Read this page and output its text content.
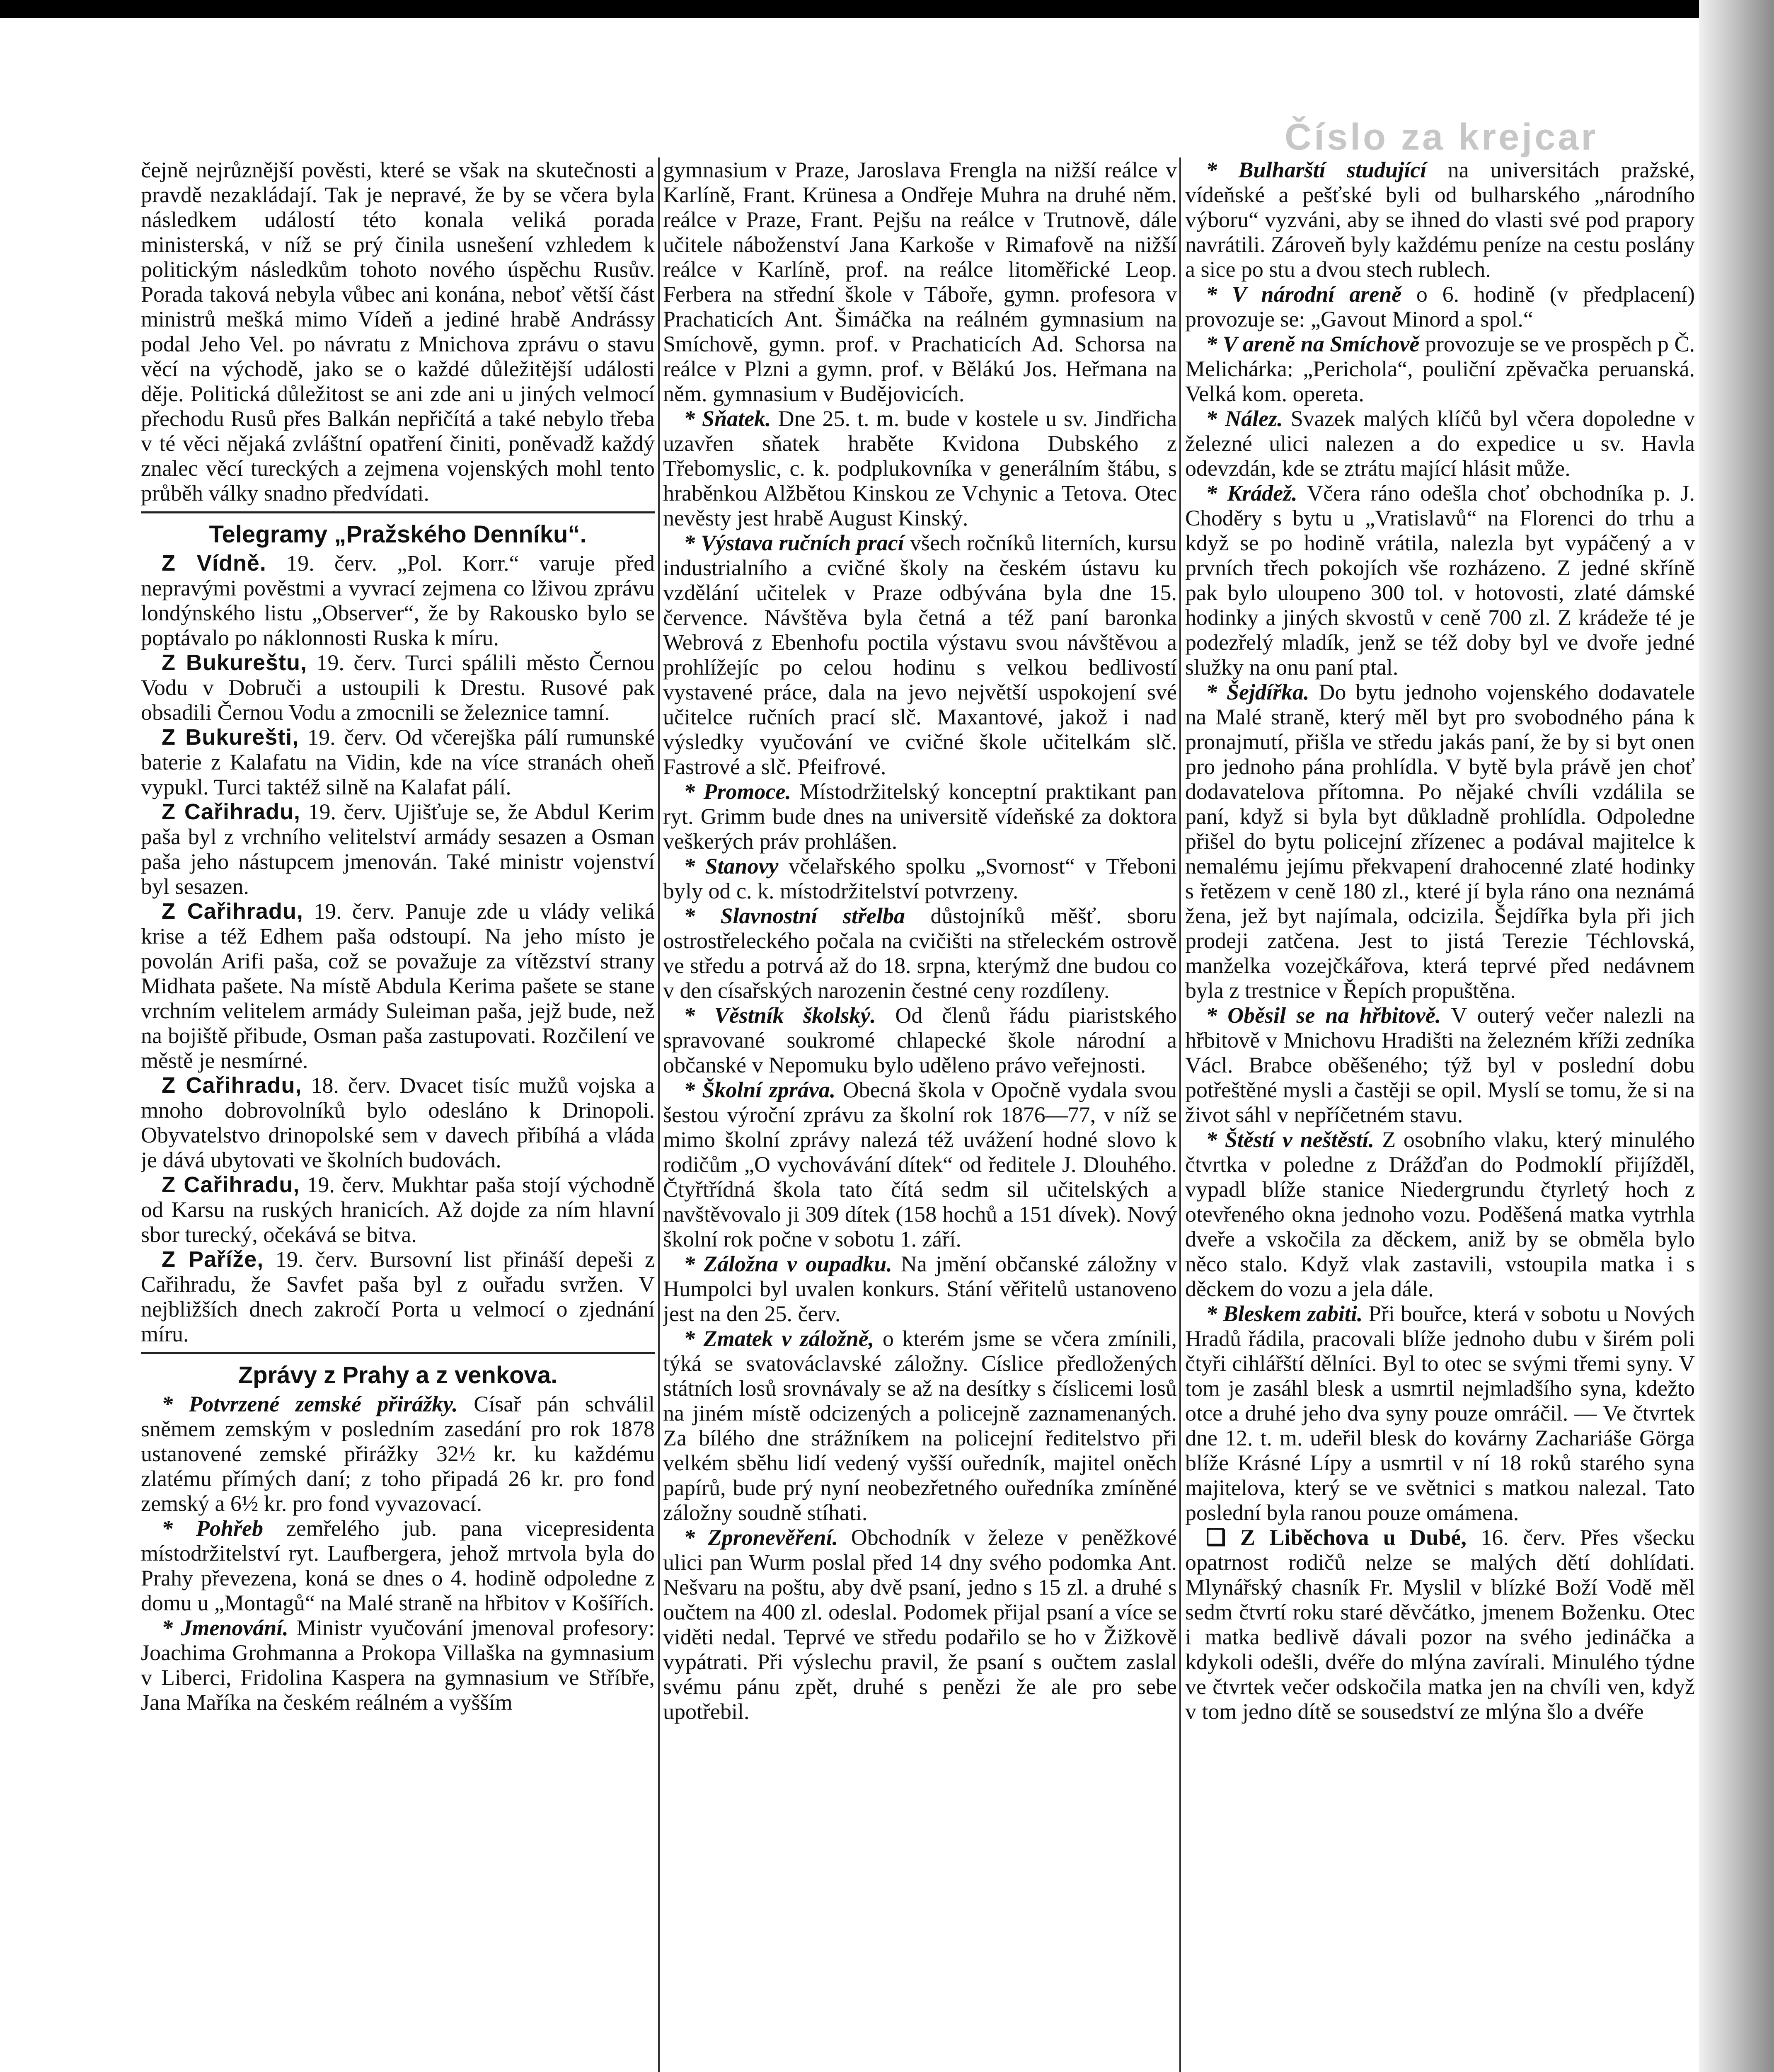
Číslo za krejcar

čejně nejrůznější pověsti, které se však na skutečnosti a pravdě nezakládají. Tak je nepravé, že by se včera byla následkem událostí této konala veliká porada ministerská, v níž se prý činila usnešení vzhledem k politickým následkům tohoto nového úspěchu Rusův. Porada taková nebyla vůbec ani konána, neboť větší část ministrů mešká mimo Vídeň a jediné hrabě Andrássy podal Jeho Vel. po návratu z Mnichova zprávu o stavu věcí na východě, jako se o každé důležitější události děje. Politická důležitost se ani zde ani u jiných velmocí přechodu Rusů přes Balkán nepřičítá a také nebylo třeba v té věci nějaká zvláštní opatření činiti, poněvadž každý znalec věcí tureckých a zejmena vojenských mohl tento průběh války snadno předvídati.

Telegramy „Pražského Denníku“.

Z Vídně. 19. červ. „Pol. Korr.“ varuje před nepravými pověstmi a vyvrací zejmena co lživou zprávu londýnského listu „Observer“, že by Rakousko bylo se poptávalo po náklonnosti Ruska k míru.

Z Bukureštu, 19. červ. Turci spálili město Černou Vodu v Dobruči a ustoupili k Drestu. Rusové pak obsadili Černou Vodu a zmocnili se železnice tamní.

Z Bukurešti, 19. červ. Od včerejška pálí rumunské baterie z Kalafatu na Vidin, kde na více stranách oheň vypukl. Turci taktéž silně na Kalafat pálí.

Z Cařihradu, 19. červ. Ujišťuje se, že Abdul Kerim paša byl z vrchního velitelství armády sesazen a Osman paša jeho nástupcem jmenován. Také ministr vojenství byl sesazen.

Z Cařihradu, 19. červ. Panuje zde u vlády veliká krise a též Edhem paša odstoupí. Na jeho místo je povolán Arifi paša, což se považuje za vítězství strany Midhata pašete. Na místě Abdula Kerima pašete se stane vrchním velitelem armády Suleiman paša, jejž bude, než na bojiště přibude, Osman paša zastupovati. Rozčilení ve městě je nesmírné.

Z Cařihradu, 18. červ. Dvacet tisíc mužů vojska a mnoho dobrovolníků bylo odesláno k Drinopoli. Obyvatelstvo drinopolské sem v davech přibíhá a vláda je dává ubytovati ve školních budovách.

Z Cařihradu, 19. červ. Mukhtar paša stojí východně od Karsu na ruských hranicích. Až dojde za ním hlavní sbor turecký, očekává se bitva.

Z Paříže, 19. červ. Bursovní list přináší depeši z Cařihradu, že Savfet paša byl z ouřadu svržen. V nejbližších dnech zakročí Porta u velmocí o zjednání míru.

Zprávy z Prahy a z venkova.

* Potvrzené zemské přirážky. Císař pán schválil sněmem zemským v posledním zasedání pro rok 1878 ustanovené zemské přirážky 32½ kr. ku každému zlatému přímých daní; z toho připadá 26 kr. pro fond zemský a 6½ kr. pro fond vyvazovací.

* Pohřeb zemřelého jub. pana vicepresidenta místodržitelství ryt. Laufbergera, jehož mrtvola byla do Prahy převezena, koná se dnes o 4. hodině odpoledne z domu u „Montagů“ na Malé straně na hřbitov v Košířích.

* Jmenování. Ministr vyučování jmenoval profesory: Joachima Grohmanna a Prokopa Villaška na gymnasium v Liberci, Fridolina Kaspera na gymnasium ve Stříbře, Jana Maříka na českém reálném a vyšším

gymnasium v Praze, Jaroslava Frengla na nižší reálce v Karlíně, Frant. Krünesa a Ondřeje Muhra na druhé něm. reálce v Praze, Frant. Pejšu na reálce v Trutnově, dále učitele náboženství Jana Karkoše v Rimafově na nižší reálce v Karlíně, prof. na reálce litoměřické Leop. Ferbera na střední škole v Táboře, gymn. profesora v Prachaticích Ant. Šimáčka na reálném gymnasium na Smíchově, gymn. prof. v Prachaticích Ad. Schorsa na reálce v Plzni a gymn. prof. v Bělákú Jos. Heřmana na něm. gymnasium v Budějovicích.

* Sňatek. Dne 25. t. m. bude v kostele u sv. Jindřicha uzavřen sňatek hraběte Kvidona Dubského z Třebomyslic, c. k. podplukovníka v generálním štábu, s hraběnkou Alžbětou Kinskou ze Vchynic a Tetova. Otec nevěsty jest hrabě August Kinský.

* Výstava ručních prací všech ročníků literních, kursu industrialního a cvičné školy na českém ústavu ku vzdělání učitelek v Praze odbývána byla dne 15. července. Návštěva byla četná a též paní baronka Webrová z Ebenhofu poctila výstavu svou návštěvou a prohlížejíc po celou hodinu s velkou bedlivostí vystavené práce, dala na jevo největší uspokojení své učitelce ručních prací slč. Maxantové, jakož i nad výsledky vyučování ve cvičné škole učitelkám slč. Fastrové a slč. Pfeifrové.

* Promoce. Místodržitelský konceptní praktikant pan ryt. Grimm bude dnes na universitě vídeňské za doktora veškerých práv prohlášen.

* Stanovy včelařského spolku „Svornost“ v Třeboni byly od c. k. místodržitelství potvrzeny.

* Slavnostní střelba důstojníků měšť. sboru ostrostřeleckého počala na cvičišti na střeleckém ostrově ve středu a potrvá až do 18. srpna, kterýmž dne budou co v den císařských narozenin čestné ceny rozdíleny.

* Věstník školský. Od členů řádu piaristského spravované soukromé chlapecké škole národní a občanské v Nepomuku bylo uděleno právo veřejnosti.

* Školní zpráva. Obecná škola v Opočně vydala svou šestou výroční zprávu za školní rok 1876—77, v níž se mimo školní zprávy nalezá též uvážení hodné slovo k rodičům „O vychovávání dítek“ od ředitele J. Dlouhého. Čtyřtřídná škola tato čítá sedm sil učitelských a navštěvovalo ji 309 dítek (158 hochů a 151 dívek). Nový školní rok počne v sobotu 1. září.

* Záložna v oupadku. Na jmění občanské záložny v Humpolci byl uvalen konkurs. Stání věřitelů ustanoveno jest na den 25. červ.

* Zmatek v záložně, o kterém jsme se včera zmínili, týká se svatováclavské záložny. Císlice předložených státních losů srovnávaly se až na desítky s číslicemi losů na jiném místě odcizených a policejně zaznamenaných. Za bílého dne strážníkem na policejní ředitelstvo při velkém sběhu lidí vedený vyšší ouředník, majitel oněch papírů, bude prý nyní neobezřetného ouředníka zmíněné záložny soudně stíhati.

* Zpronevěření. Obchodník v železe v peněžkové ulici pan Wurm poslal před 14 dny svého podomka Ant. Nešvaru na poštu, aby dvě psaní, jedno s 15 zl. a druhé s oučtem na 400 zl. odeslal. Podomek přijal psaní a více se viděti nedal. Teprvé ve středu podařilo se ho v Žižkově vypátrati. Při výslechu pravil, že psaní s oučtem zaslal svému pánu zpět, druhé s penězi že ale pro sebe upotřebil.

* Bulharští studující na universitách pražské, vídeňské a pešťské byli od bulharského „národního výboru“ vyzváni, aby se ihned do vlasti své pod prapory navrátili. Zároveň byly každému peníze na cestu poslány a sice po stu a dvou stech rublech.

* V národní areně o 6. hodině (v předplacení) provozuje se: „Gavout Minord a spol.“

* V areně na Smíchově provozuje se ve prospěch p Č. Melichárka: „Perichola“, pouliční zpěvačka peruanská. Velká kom. opereta.

* Nález. Svazek malých klíčů byl včera dopoledne v železné ulici nalezen a do expedice u sv. Havla odevzdán, kde se ztrátu mající hlásit může.

* Krádež. Včera ráno odešla choť obchodníka p. J. Choděry s bytu u „Vratislavů“ na Florenci do trhu a když se po hodině vrátila, nalezla byt vypáčený a v prvních třech pokojích vše rozházeno. Z jedné skříně pak bylo uloupeno 300 tol. v hotovosti, zlaté dámské hodinky a jiných skvostů v ceně 700 zl. Z krádeže té je podezřelý mladík, jenž se též doby byl ve dvoře jedné služky na onu paní ptal.

* Šejdířka. Do bytu jednoho vojenského dodavatele na Malé straně, který měl byt pro svobodného pána k pronajmutí, přišla ve středu jakás paní, že by si byt onen pro jednoho pána prohlídla. V bytě byla právě jen choť dodavatelova přítomna. Po nějaké chvíli vzdálila se paní, když si byla byt důkladně prohlídla. Odpoledne přišel do bytu policejní zřízenec a podával majitelce k nemalému jejímu překvapení drahocenné zlaté hodinky s řetězem v ceně 180 zl., které jí byla ráno ona neznámá žena, jež byt najímala, odcizila. Šejdířka byla při jich prodeji zatčena. Jest to jistá Terezie Téchlovská, manželka vozejčkářova, která teprvé před nedávnem byla z trestnice v Řepích propuštěna.

* Oběsil se na hřbitově. V outerý večer nalezli na hřbitově v Mnichovu Hradišti na železném kříži zedníka Václ. Brabce oběšeného; týž byl v poslední dobu potřeštěné mysli a častěji se opil. Myslí se tomu, že si na život sáhl v nepříčetném stavu.

* Štěstí v neštěstí. Z osobního vlaku, který minulého čtvrtka v poledne z Drážďan do Podmoklí přijížděl, vypadl blíže stanice Niedergrundu čtyrletý hoch z otevřeného okna jednoho vozu. Poděšená matka vytrhla dveře a vskočila za děckem, aniž by se obměla bylo něco stalo. Když vlak zastavili, vstoupila matka i s děckem do vozu a jela dále.

* Bleskem zabiti. Při bouřce, která v sobotu u Nových Hradů řádila, pracovali blíže jednoho dubu v širém poli čtyři cihlářští dělníci. Byl to otec se svými třemi syny. V tom je zasáhl blesk a usmrtil nejmladšího syna, kdežto otce a druhé jeho dva syny pouze omráčil. — Ve čtvrtek dne 12. t. m. udeřil blesk do kovárny Zachariáše Görga blíže Krásné Lípy a usmrtil v ní 18 roků starého syna majitelova, který se ve světnici s matkou nalezal. Tato poslední byla ranou pouze omámena.

❑ Z Liběchova u Dubé, 16. červ. Přes všecku opatrnost rodičů nelze se malých dětí dohlídati. Mlynářský chasník Fr. Myslil v blízké Boží Vodě měl sedm čtvrtí roku staré děvčátko, jmenem Boženku. Otec i matka bedlivě dávali pozor na svého jedináčka a kdykoli odešli, dvéře do mlýna zavírali. Minulého týdne ve čtvrtek večer odskočila matka jen na chvíli ven, když v tom jedno dítě se sousedství ze mlýna šlo a dvéře
